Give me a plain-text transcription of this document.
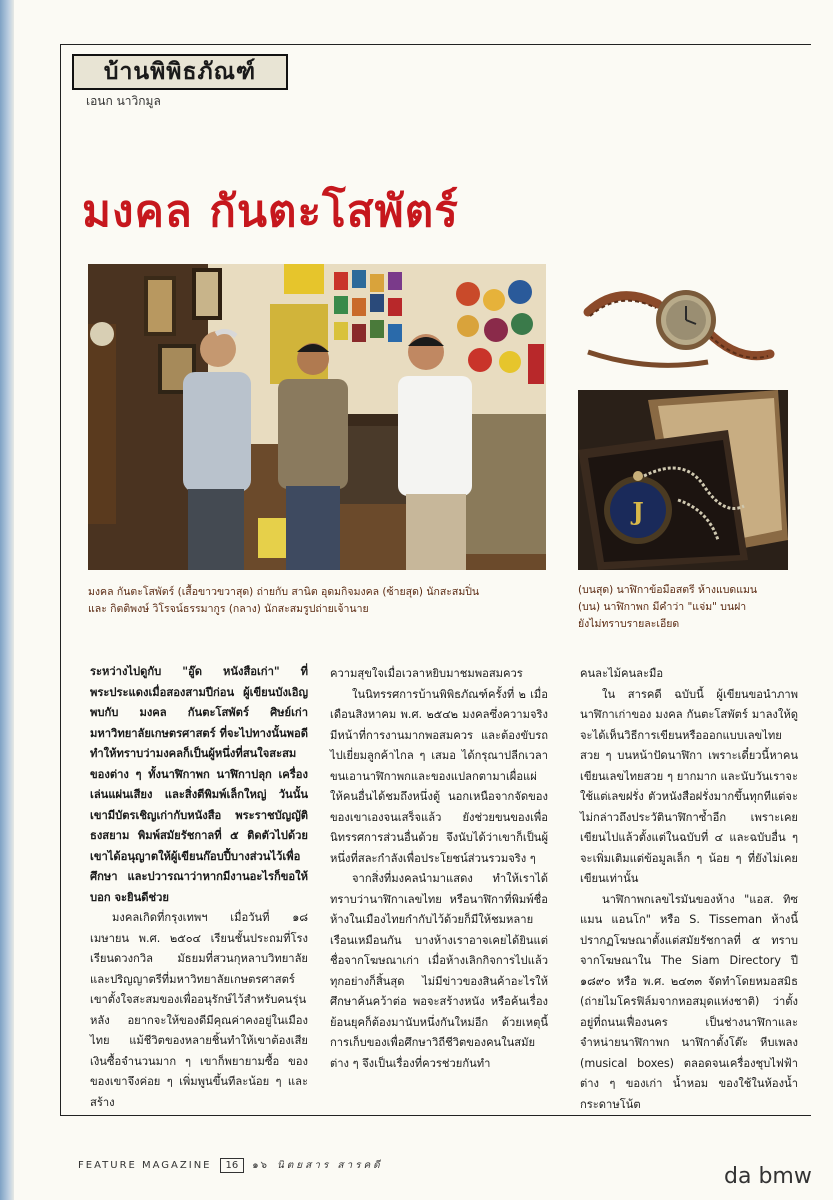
บ้านพิพิธภัณฑ์
เอนก นาวิกมูล
มงคล กันตะโสพัตร์
J
มงคล กันตะโสพัตร์ (เสื้อขาวขวาสุด) ถ่ายกับ สานิต อุดมกิจมงคล (ซ้ายสุด) นักสะสมปิ่น
และ กิตติพงษ์ วิโรจน์ธรรมากูร (กลาง) นักสะสมรูปถ่ายเจ้านาย
(บนสุด) นาฬิกาข้อมือสตรี ห้างแบดแมน
(บน) นาฬิกาพก มีคำว่า "แจ่ม" บนฝา
ยังไม่ทราบรายละเอียด

ระหว่างไปดูกับ "อู๊ด หนังสือเก่า" ที่พระประแดงเมื่อสองสามปีก่อน ผู้เขียนบังเอิญพบกับ มงคล กันตะโสพัตร์ ศิษย์เก่ามหาวิทยาลัยเกษตรศาสตร์ ที่จะไปทางนั้นพอดี ทำให้ทราบว่ามงคลก็เป็นผู้หนึ่งที่สนใจสะสมของต่าง ๆ ทั้งนาฬิกาพก นาฬิกาปลุก เครื่องเล่นแผ่นเสียง และสิ่งตีพิมพ์เล็กใหญ่ วันนั้นเขามีบัตรเชิญเก่ากับหนังสือ พระราชบัญญัติธงสยาม พิมพ์สมัยรัชกาลที่ ๕ ติดตัวไปด้วย เขาได้อนุญาตให้ผู้เขียนก๊อบปี้บางส่วนไว้เพื่อศึกษา และปวารณาว่าหากมีงานอะไรก็ขอให้บอก จะยินดีช่วย

มงคลเกิดที่กรุงเทพฯ เมื่อวันที่ ๑๘ เมษายน พ.ศ. ๒๕๐๔ เรียนชั้นประถมที่โรงเรียนดวงกวิล มัธยมที่สวนกุหลาบวิทยาลัย และปริญญาตรีที่มหาวิทยาลัยเกษตรศาสตร์ เขาตั้งใจสะสมของเพื่ออนุรักษ์ไว้สำหรับคนรุ่นหลัง อยากจะให้ของดีมีคุณค่าคงอยู่ในเมืองไทย แม้ชีวิตของหลายชิ้นทำให้เขาต้องเสียเงินซื้อจำนวนมาก ๆ เขาก็พยายามซื้อ ของของเขาจึงค่อย ๆ เพิ่มพูนขึ้นทีละน้อย ๆ และสร้าง

ความสุขใจเมื่อเวลาหยิบมาชมพอสมควร

ในนิทรรศการบ้านพิพิธภัณฑ์ครั้งที่ ๒ เมื่อเดือนสิงหาคม พ.ศ. ๒๕๔๒ มงคลซึ่งความจริงมีหน้าที่การงานมากพอสมควร และต้องขับรถไปเยี่ยมลูกค้าไกล ๆ เสมอ ได้กรุณาปลีกเวลาขนเอานาฬิกาพกและของแปลกตามาเผื่อแผ่ให้คนอื่นได้ชมถึงหนึ่งตู้ นอกเหนือจากจัดของของเขาเองจนเสร็จแล้ว ยังช่วยขนของเพื่อนิทรรศการส่วนอื่นด้วย จึงนับได้ว่าเขาก็เป็นผู้หนึ่งที่สละกำลังเพื่อประโยชน์ส่วนรวมจริง ๆ

จากสิ่งที่มงคลนำมาแสดง ทำให้เราได้ทราบว่านาฬิกาเลขไทย หรือนาฬิกาที่พิมพ์ชื่อห้างในเมืองไทยกำกับไว้ด้วยก็มีให้ชมหลายเรือนเหมือนกัน บางห้างเราอาจเคยได้ยินแต่ชื่อจากโฆษณาเก่า เมื่อห้างเลิกกิจการไปแล้วทุกอย่างก็สิ้นสุด ไม่มีข่าวของสินค้าอะไรให้ศึกษาค้นคว้าต่อ พอจะสร้างหนัง หรือค้นเรื่องย้อนยุคก็ต้องมานับหนึ่งกันใหม่อีก ด้วยเหตุนี้การเก็บของเพื่อศึกษาวิถีชีวิตของคนในสมัยต่าง ๆ จึงเป็นเรื่องที่ควรช่วยกันทำ

คนละไม้คนละมือ

ใน สารคดี ฉบับนี้ ผู้เขียนขอนำภาพนาฬิกาเก่าของ มงคล กันตะโสพัตร์ มาลงให้ดู จะได้เห็นวิธีการเขียนหรือออกแบบเลขไทยสวย ๆ บนหน้าปัดนาฬิกา เพราะเดี๋ยวนี้หาคนเขียนเลขไทยสวย ๆ ยากมาก และนับวันเราจะใช้แต่เลขฝรั่ง ตัวหนังสือฝรั่งมากขึ้นทุกทีแต่จะไม่กล่าวถึงประวัตินาฬิกาซ้ำอีก เพราะเคยเขียนไปแล้วตั้งแต่ในฉบับที่ ๔ และฉบับอื่น ๆ จะเพิ่มเติมแต่ข้อมูลเล็ก ๆ น้อย ๆ ที่ยังไม่เคยเขียนเท่านั้น

นาฬิกาพกเลขไรมันของห้าง "แอส. ทิซแมน แอนโก" หรือ S. Tisseman ห้างนี้ปรากฏโฆษณาตั้งแต่สมัยรัชกาลที่ ๕ ทราบจากโฆษณาใน The Siam Directory ปี ๑๘๙๐ หรือ พ.ศ. ๒๔๓๓ จัดทำโดยหมอสมิธ (ถ่ายไมโครฟิล์มจากหอสมุดแห่งชาติ) ว่าตั้งอยู่ที่ถนนเฟื่องนคร เป็นช่างนาฬิกาและจำหน่ายนาฬิกาพก นาฬิกาตั้งโต๊ะ หีบเพลง (musical boxes) ตลอดจนเครื่องชุบไฟฟ้าต่าง ๆ ของเก่า น้ำหอม ของใช้ในห้องน้ำ กระดาษโน้ต

FEATURE MAGAZINE	16	๑๖ นิตยสาร สารคดี	da bmw
